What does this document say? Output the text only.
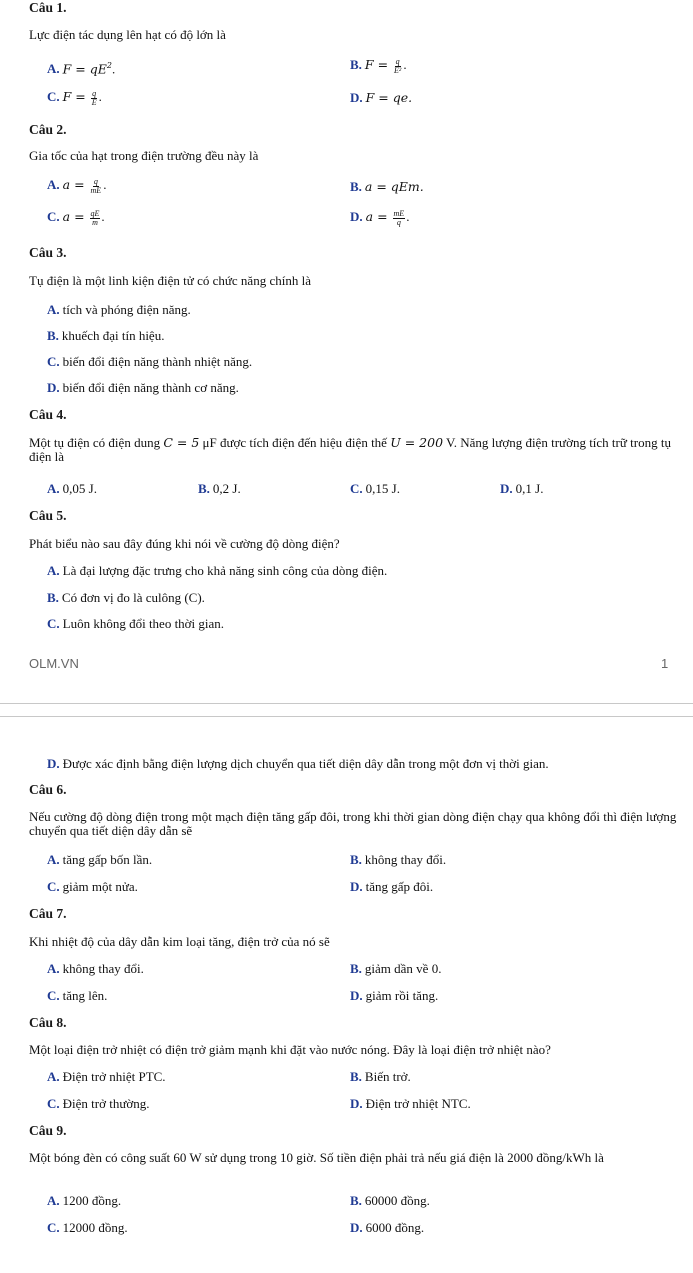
Câu 1.
Lực điện tác dụng lên hạt có độ lớn là
A. $F = qE^2$.	B. $F = \frac{q}{\text{E²}}$ .
C. $F = \frac{q}{E}$ .	D. F = qe.
Câu 2.
Gia tốc của hạt trong điện trường đều này là
A. $a = \frac{q}{mE}$ .	B. a = qEm.
C. $a = \frac{qE}{m}$ .	D. $a = \frac{mE}{q}$ .
Câu 3.
Tụ điện là một linh kiện điện tử có chức năng chính là
A. tích và phóng điện năng.
B. khuếch đại tín hiệu.
C. biến đổi điện năng thành nhiệt năng.
D. biến đổi điện năng thành cơ năng.
Câu 4.
Một tụ điện có điện dung C = 5 μF được tích điện đến hiệu điện thế U = 200 V. Năng lượng điện trường tích trữ trong tụ điện là
A. 0,05 J.	B. 0,2 J.	C. 0,15 J.	D. 0,1 J.
Câu 5.
Phát biểu nào sau đây đúng khi nói về cường độ dòng điện?
A. Là đại lượng đặc trưng cho khả năng sinh công của dòng điện.
B. Có đơn vị đo là culông (C).
C. Luôn không đổi theo thời gian.
OLM.VN	1
D. Được xác định bằng điện lượng dịch chuyển qua tiết diện dây dẫn trong một đơn vị thời gian.
Câu 6.
Nếu cường độ dòng điện trong một mạch điện tăng gấp đôi, trong khi thời gian dòng điện chạy qua không đổi thì điện lượng chuyển qua tiết diện dây dẫn sẽ
A. tăng gấp bốn lần.	B. không thay đổi.
C. giảm một nửa.	D. tăng gấp đôi.
Câu 7.
Khi nhiệt độ của dây dẫn kim loại tăng, điện trở của nó sẽ
A. không thay đổi.	B. giảm dần về 0.
C. tăng lên.	D. giảm rồi tăng.
Câu 8.
Một loại điện trở nhiệt có điện trở giảm mạnh khi đặt vào nước nóng. Đây là loại điện trở nhiệt nào?
A. Điện trở nhiệt PTC.	B. Biến trở.
C. Điện trở thường.	D. Điện trở nhiệt NTC.
Câu 9.
Một bóng đèn có công suất 60 W sử dụng trong 10 giờ. Số tiền điện phải trả nếu giá điện là 2000 đồng/kWh là
A. 1200 đồng.	B. 60000 đồng.
C. 12000 đồng.	D. 6000 đồng.
